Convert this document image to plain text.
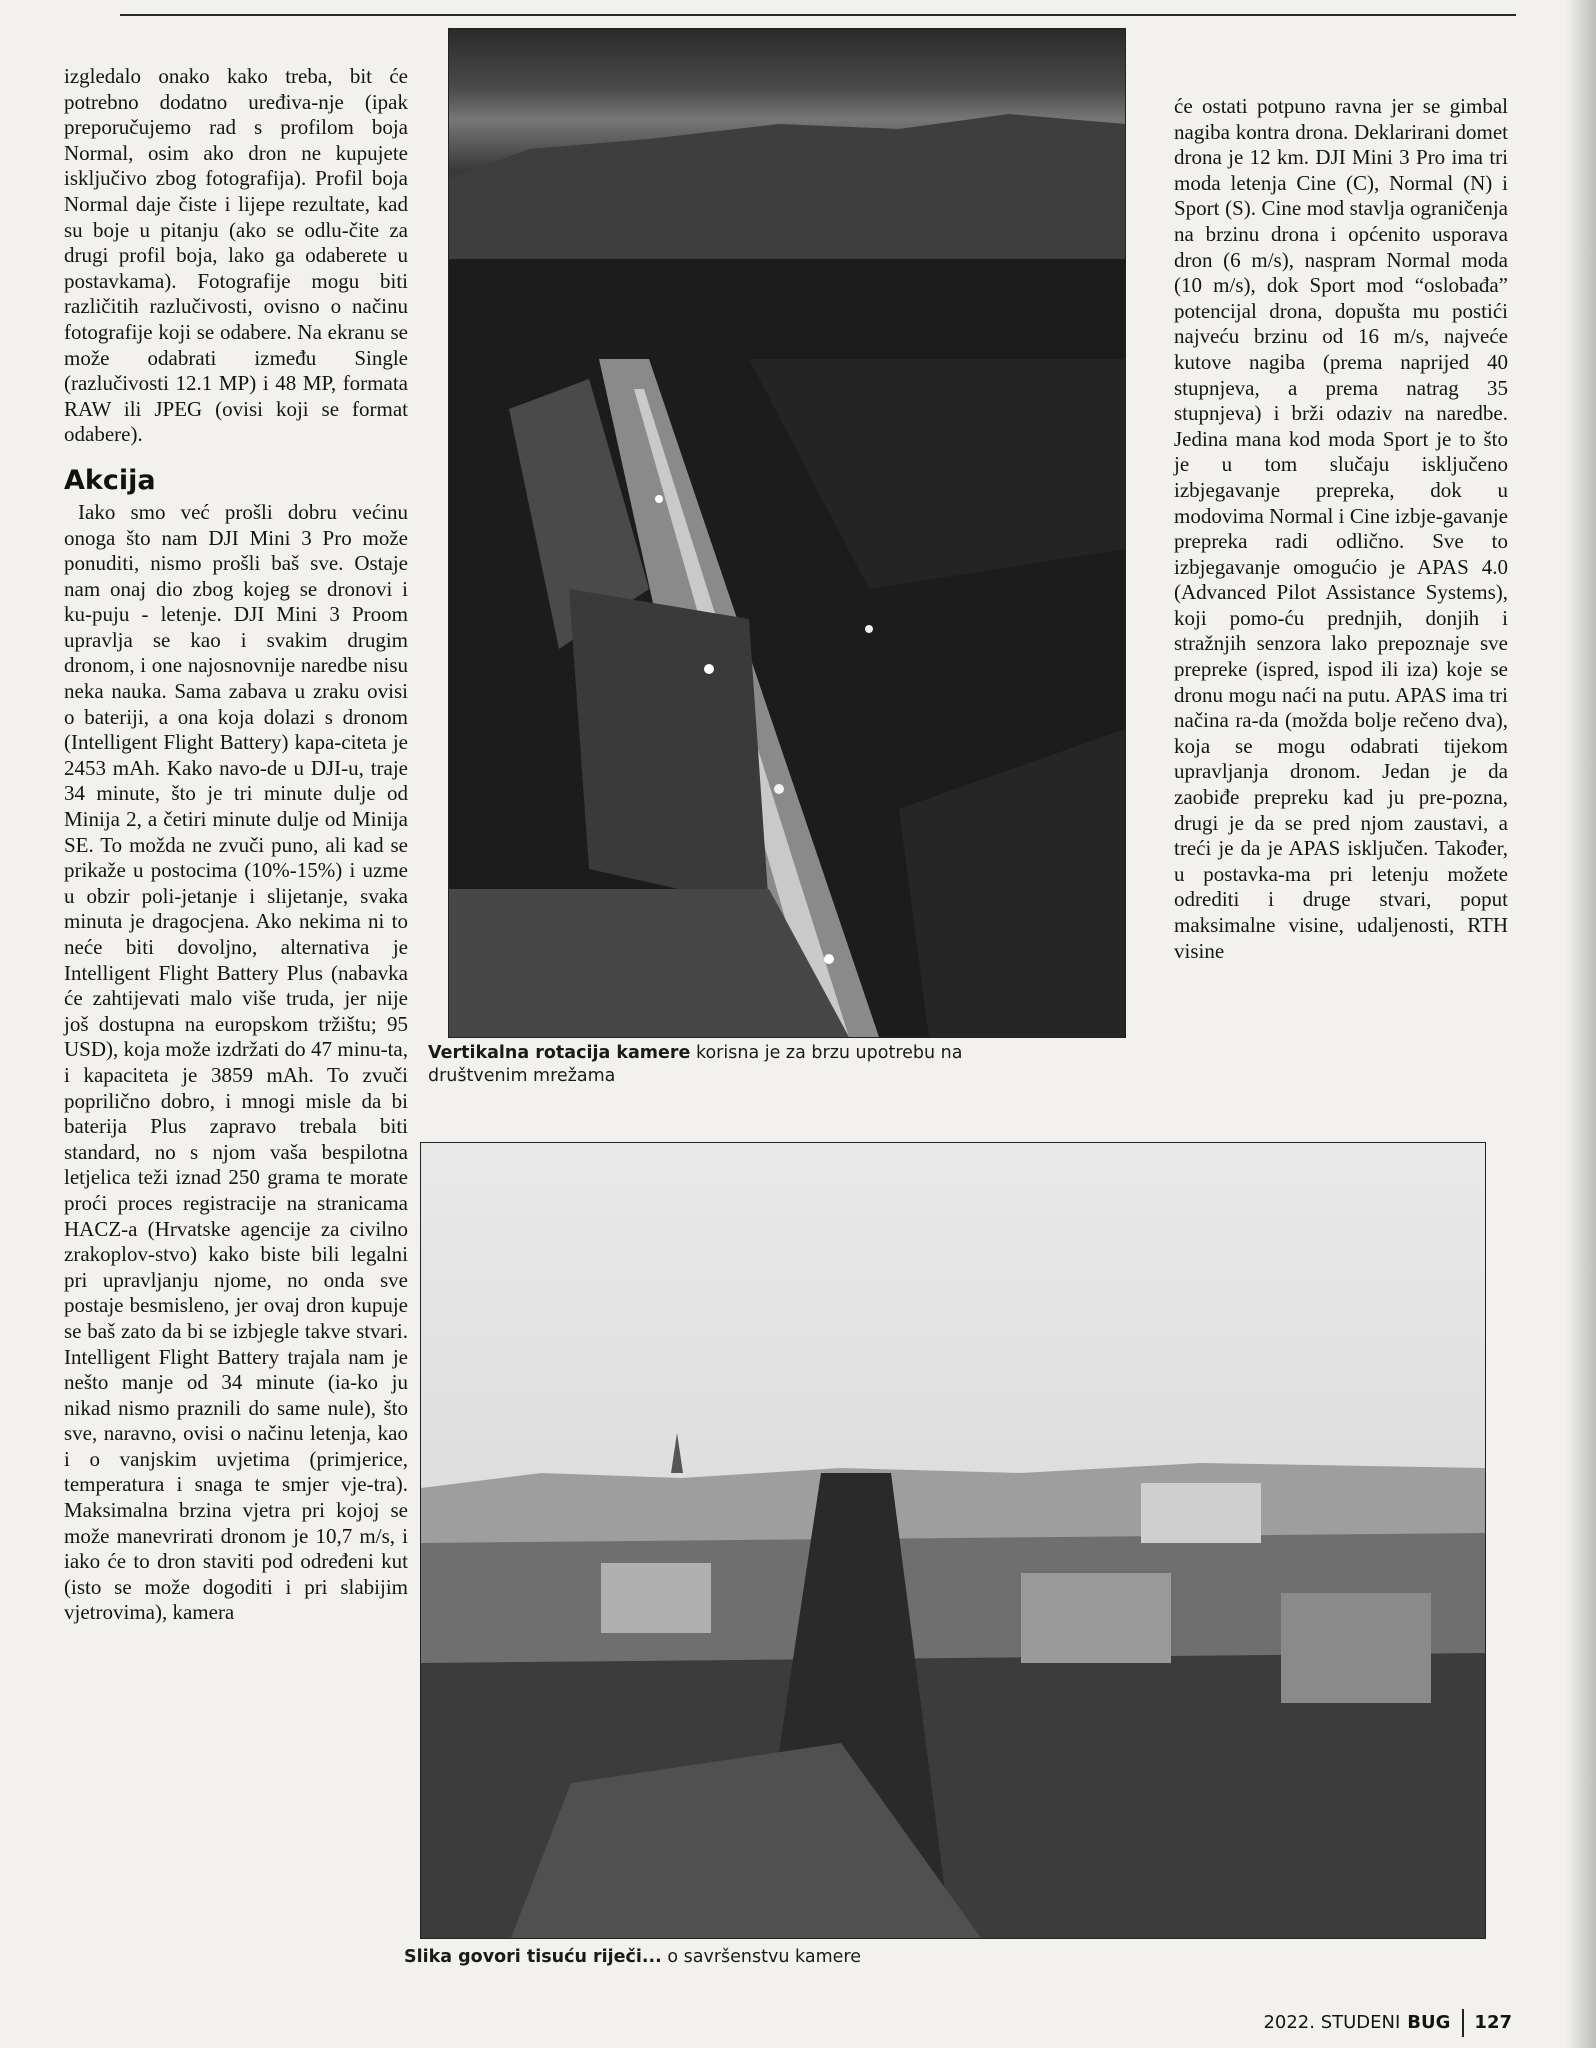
izgledalo onako kako treba, bit će potrebno dodatno uređiva-nje (ipak preporučujemo rad s profilom boja Normal, osim ako dron ne kupujete isključivo zbog fotografija). Profil boja Normal daje čiste i lijepe rezultate, kad su boje u pitanju (ako se odlu-čite za drugi profil boja, lako ga odaberete u postavkama). Fotografije mogu biti različitih razlučivosti, ovisno o načinu fotografije koji se odabere. Na ekranu se može odabrati između Single (razlučivosti 12.1 MP) i 48 MP, formata RAW ili JPEG (ovisi koji se format odabere).

Akcija

Iako smo već prošli dobru većinu onoga što nam DJI Mini 3 Pro može ponuditi, nismo prošli baš sve. Ostaje nam onaj dio zbog kojeg se dronovi i ku-puju - letenje. DJI Mini 3 Proom upravlja se kao i svakim drugim dronom, i one najosnovnije naredbe nisu neka nauka. Sama zabava u zraku ovisi o bateriji, a ona koja dolazi s dronom (Intelligent Flight Battery) kapa-citeta je 2453 mAh. Kako navo-de u DJI-u, traje 34 minute, što je tri minute dulje od Minija 2, a četiri minute dulje od Minija SE. To možda ne zvuči puno, ali kad se prikaže u postocima (10%-15%) i uzme u obzir poli-jetanje i slijetanje, svaka minuta je dragocjena. Ako nekima ni to neće biti dovoljno, alternativa je Intelligent Flight Battery Plus (nabavka će zahtijevati malo više truda, jer nije još dostupna na europskom tržištu; 95 USD), koja može izdržati do 47 minu-ta, i kapaciteta je 3859 mAh. To zvuči poprilično dobro, i mnogi misle da bi baterija Plus zapravo trebala biti standard, no s njom vaša bespilotna letjelica teži iznad 250 grama te morate proći proces registracije na stranicama HACZ-a (Hrvatske agencije za civilno zrakoplov-stvo) kako biste bili legalni pri upravljanju njome, no onda sve postaje besmisleno, jer ovaj dron kupuje se baš zato da bi se izbjegle takve stvari. Intelligent Flight Battery trajala nam je nešto manje od 34 minute (ia-ko ju nikad nismo praznili do same nule), što sve, naravno, ovisi o načinu letenja, kao i o vanjskim uvjetima (primjerice, temperatura i snaga te smjer vje-tra). Maksimalna brzina vjetra pri kojoj se može manevrirati dronom je 10,7 m/s, i iako će to dron staviti pod određeni kut (isto se može dogoditi i pri slabijim vjetrovima), kamera

Vertikalna rotacija kamere korisna je za brzu upotrebu na društvenim mrežama

će ostati potpuno ravna jer se gimbal nagiba kontra drona. Deklarirani domet drona je 12 km. DJI Mini 3 Pro ima tri moda letenja Cine (C), Normal (N) i Sport (S). Cine mod stavlja ograničenja na brzinu drona i općenito usporava dron (6 m/s), naspram Normal moda (10 m/s), dok Sport mod “oslobađa” potencijal drona, dopušta mu postići najveću brzinu od 16 m/s, najveće kutove nagiba (prema naprijed 40 stupnjeva, a prema natrag 35 stupnjeva) i brži odaziv na naredbe. Jedina mana kod moda Sport je to što je u tom slučaju isključeno izbjegavanje prepreka, dok u modovima Normal i Cine izbje-gavanje prepreka radi odlično. Sve to izbjegavanje omogućio je APAS 4.0 (Advanced Pilot Assistance Systems), koji pomo-ću prednjih, donjih i stražnjih senzora lako prepoznaje sve prepreke (ispred, ispod ili iza) koje se dronu mogu naći na putu. APAS ima tri načina ra-da (možda bolje rečeno dva), koja se mogu odabrati tijekom upravljanja dronom. Jedan je da zaobiđe prepreku kad ju pre-pozna, drugi je da se pred njom zaustavi, a treći je da je APAS isključen. Također, u postavka-ma pri letenju možete odrediti i druge stvari, poput maksimalne visine, udaljenosti, RTH visine

Slika govori tisuću riječi... o savršenstvu kamere
2022. STUDENI BUG 127
